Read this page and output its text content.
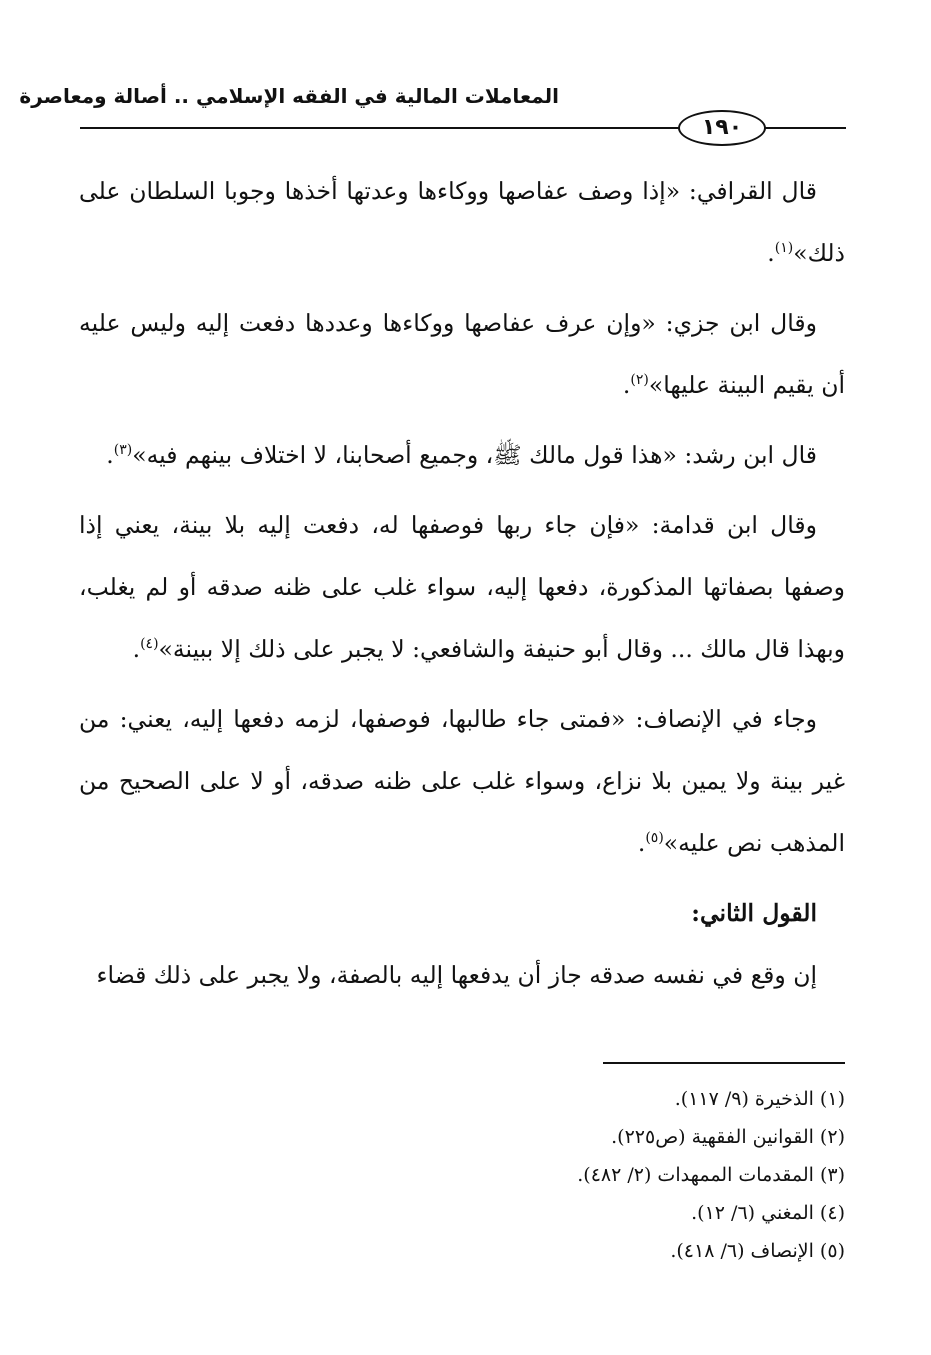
المعاملات المالية في الفقه الإسلامي .. أصالة ومعاصرة
١٩٠

قال القرافي: «إذا وصف عفاصها ووكاءها وعدتها أخذها وجوبا السلطان على ذلك»$^{(١)}$.

وقال ابن جزي: «وإن عرف عفاصها ووكاءها وعددها دفعت إليه وليس عليه أن يقيم البينة عليها»$^{(٢)}$.

قال ابن رشد: «هذا قول مالك ﷺ، وجميع أصحابنا، لا اختلاف بينهم فيه»$^{(٣)}$.

وقال ابن قدامة: «فإن جاء ربها فوصفها له، دفعت إليه بلا بينة، يعني إذا وصفها بصفاتها المذكورة، دفعها إليه، سواء غلب على ظنه صدقه أو لم يغلب، وبهذا قال مالك ... وقال أبو حنيفة والشافعي: لا يجبر على ذلك إلا ببينة»$^{(٤)}$.

وجاء في الإنصاف: «فمتى جاء طالبها، فوصفها، لزمه دفعها إليه، يعني: من غير بينة ولا يمين بلا نزاع، وسواء غلب على ظنه صدقه، أو لا على الصحيح من المذهب نص عليه»$^{(٥)}$.

القول الثاني:

إن وقع في نفسه صدقه جاز أن يدفعها إليه بالصفة، ولا يجبر على ذلك قضاء

(١) الذخيرة (٩/ ١١٧).

(٢) القوانين الفقهية (ص٢٢٥).

(٣) المقدمات الممهدات (٢/ ٤٨٢).

(٤) المغني (٦/ ١٢).

(٥) الإنصاف (٦/ ٤١٨).
